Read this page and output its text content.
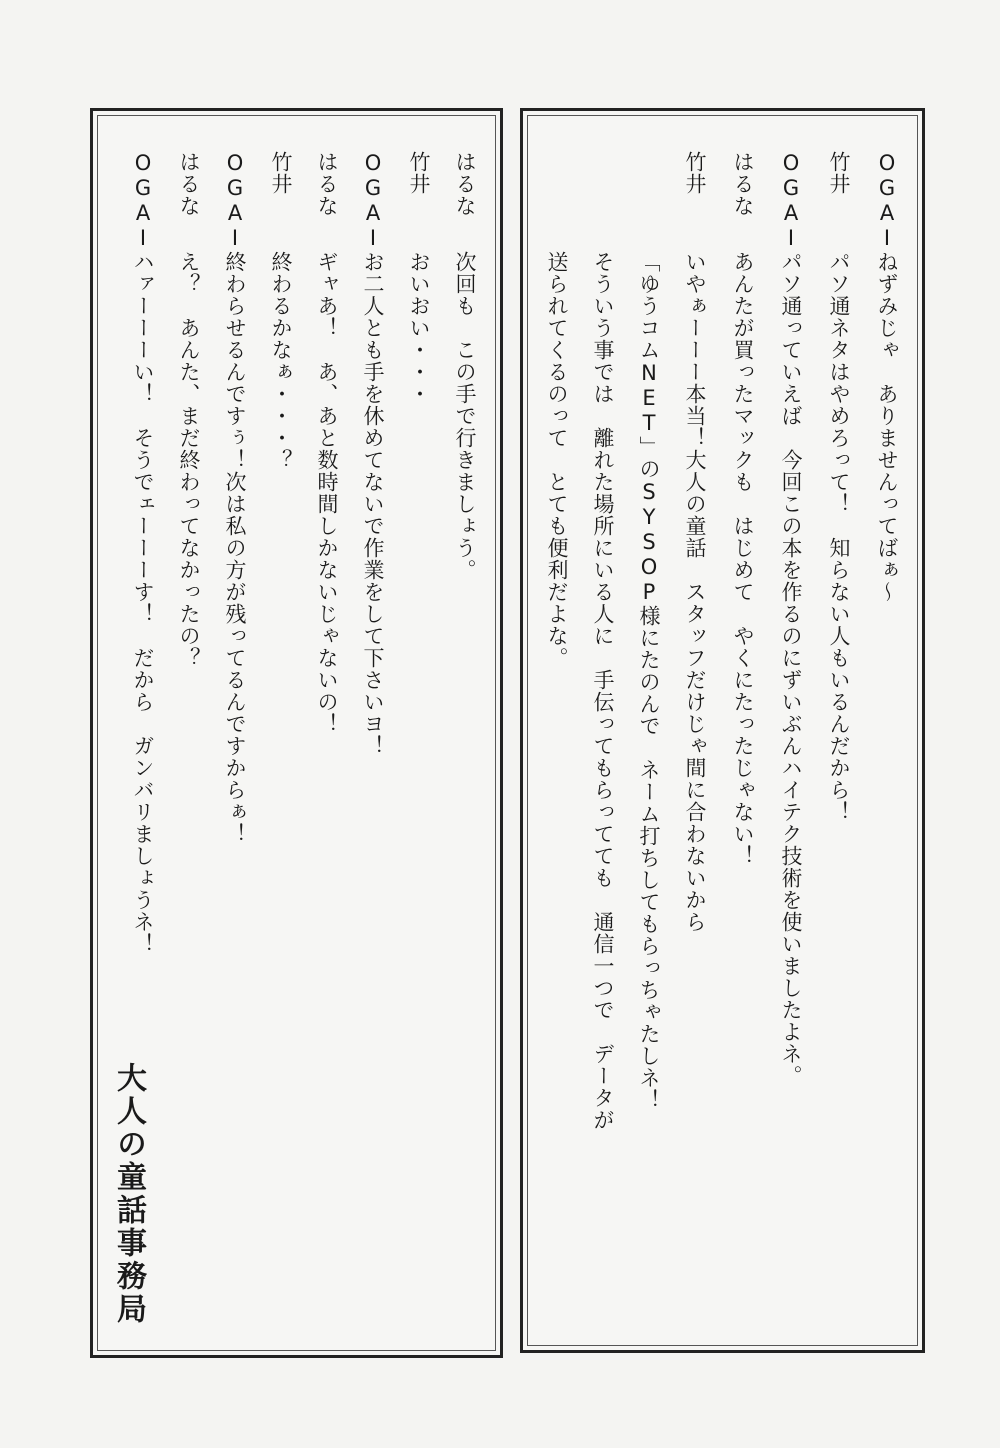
OGAIねずみじゃ　ありませんってばぁ～
竹井パソ通ネタはやめろって！　知らない人もいるんだから！
OGAIパソ通っていえば　今回この本を作るのにずいぶんハイテク技術を使いましたよネ。
はるなあんたが買ったマックも　はじめて　やくにたったじゃない！
竹井いやぁーーー本当！大人の童話　スタッフだけじゃ間に合わないから
「ゆうコムNET」のSYSOP様にたのんで　ネーム打ちしてもらっちゃたしネ！
そういう事では　離れた場所にいる人に　手伝ってもらってても　通信一つで　データが
送られてくるのって　とても便利だよな。
はるな次回も　この手で行きましょう。
竹井おいおい・・・
OGAIお二人とも手を休めてないで作業をして下さいヨ！
はるなギャあ！　あ、あと数時間しかないじゃないの！
竹井終わるかなぁ・・・？
OGAI終わらせるんですぅ！次は私の方が残ってるんですからぁ！
はるなえ？　あんた、まだ終わってなかったの？
OGAIハァーーーい！　そうでェーーーす！　だから　ガンバリましょうネ！
大人の童話事務局
